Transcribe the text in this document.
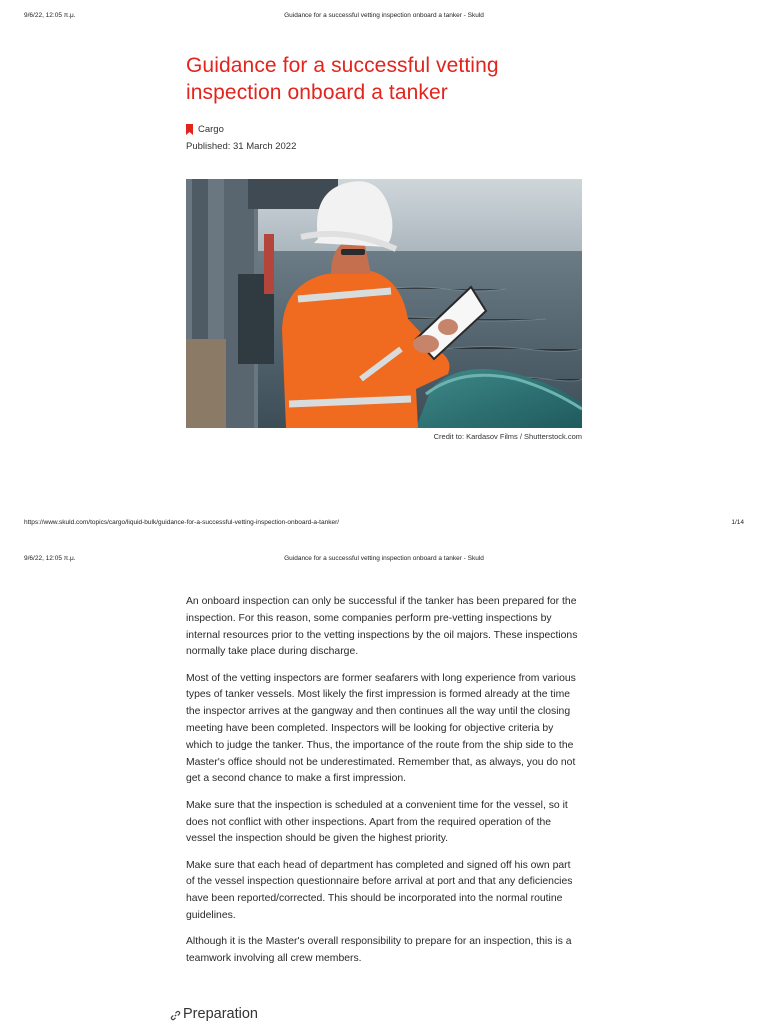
9/6/22, 12:05 π.μ.	Guidance for a successful vetting inspection onboard a tanker - Skuld
Guidance for a successful vetting inspection onboard a tanker
Cargo
Published: 31 March 2022
Credit to: Kardasov Films / Shutterstock.com
https://www.skuld.com/topics/cargo/liquid-bulk/guidance-for-a-successful-vetting-inspection-onboard-a-tanker/	1/14
9/6/22, 12:05 π.μ.	Guidance for a successful vetting inspection onboard a tanker - Skuld

An onboard inspection can only be successful if the tanker has been prepared for the inspection. For this reason, some companies perform pre-vetting inspections by internal resources prior to the vetting inspections by the oil majors. These inspections normally take place during discharge.

Most of the vetting inspectors are former seafarers with long experience from various types of tanker vessels. Most likely the first impression is formed already at the time the inspector arrives at the gangway and then continues all the way until the closing meeting have been completed. Inspectors will be looking for objective criteria by which to judge the tanker. Thus, the importance of the route from the ship side to the Master's office should not be underestimated. Remember that, as always, you do not get a second chance to make a first impression.

Make sure that the inspection is scheduled at a convenient time for the vessel, so it does not conflict with other inspections. Apart from the required operation of the vessel the inspection should be given the highest priority.

Make sure that each head of department has completed and signed off his own part of the vessel inspection questionnaire before arrival at port and that any deficiencies have been reported/corrected. This should be incorporated into the normal routine guidelines.

Although it is the Master's overall responsibility to prepare for an inspection, this is a teamwork involving all crew members.

Preparation
